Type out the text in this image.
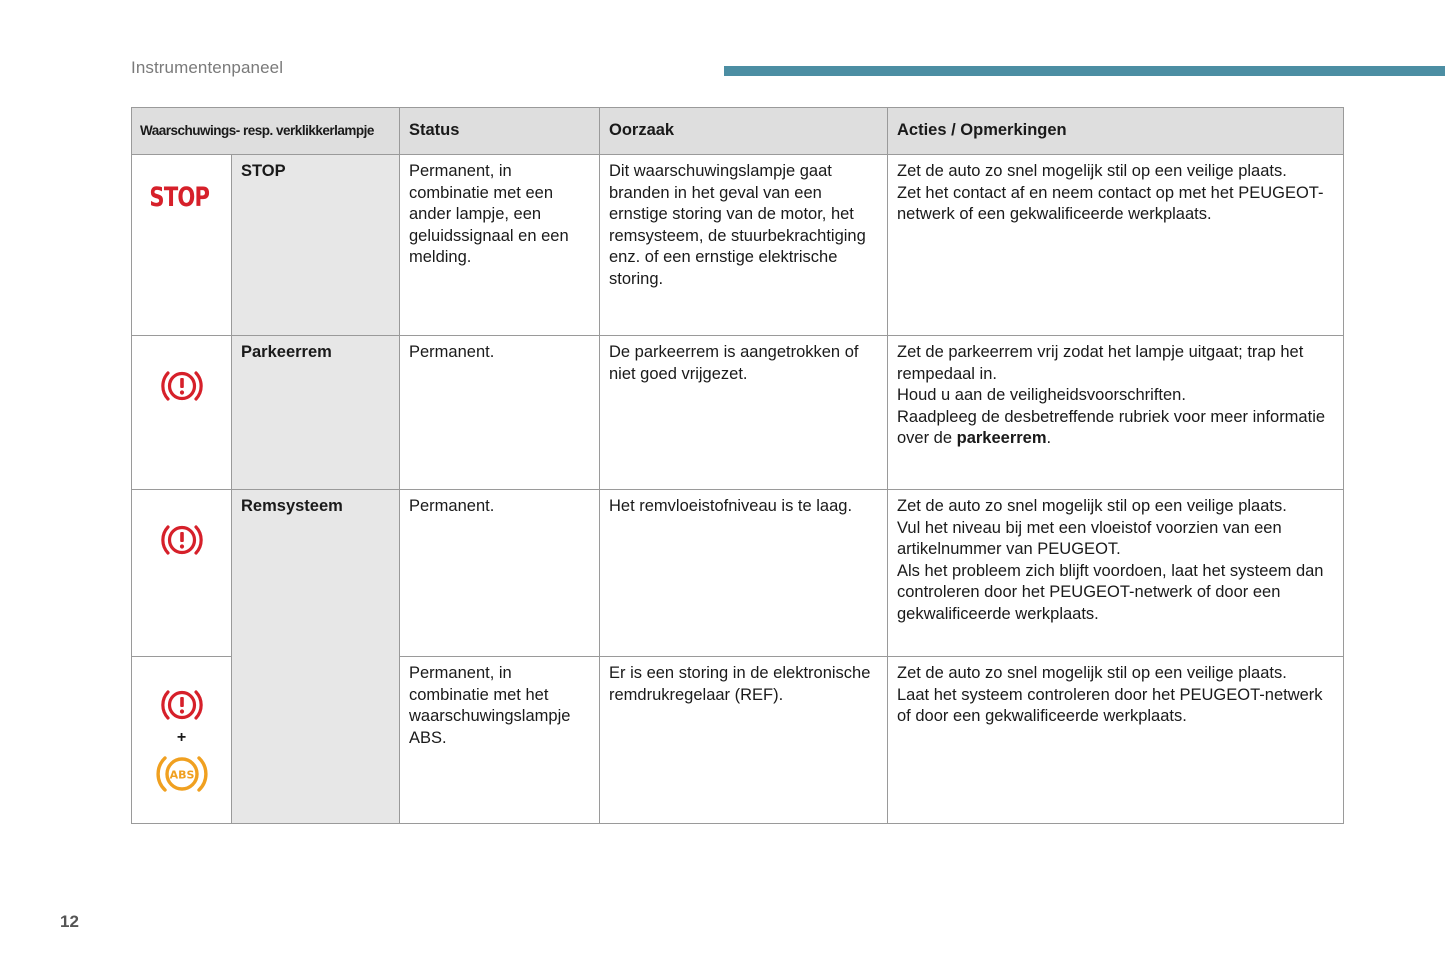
Instrumentenpaneel
Waarschuwings- resp. verklikkerlampje		Status	Oorzaak	Acties / Opmerkingen
STOP	STOP	Permanent, in combinatie met een ander lampje, een geluidssignaal en een melding.	Dit waarschuwingslampje gaat branden in het geval van een ernstige storing van de motor, het remsysteem, de stuurbekrachtiging enz. of een ernstige elektrische storing.	Zet de auto zo snel mogelijk stil op een veilige plaats.
Zet het contact af en neem contact op met het PEUGEOT-netwerk of een gekwalificeerde werkplaats.

	Parkeerrem	Permanent.	De parkeerrem is aangetrokken of niet goed vrijgezet.	Zet de parkeerrem vrij zodat het lampje uitgaat; trap het rempedaal in.
Houd u aan de veiligheidsvoorschriften.
Raadpleeg de desbetreffende rubriek voor meer informatie over de parkeerrem.

	Remsysteem	Permanent.	Het remvloeistofniveau is te laag.	Zet de auto zo snel mogelijk stil op een veilige plaats.
Vul het niveau bij met een vloeistof voorzien van een artikelnummer van PEUGEOT.
Als het probleem zich blijft voordoen, laat het systeem dan controleren door het PEUGEOT-netwerk of door een gekwalificeerde werkplaats.

+
ABS		Permanent, in combinatie met het waarschuwingslampje ABS.	Er is een storing in de elektronische remdrukregelaar (REF).	Zet de auto zo snel mogelijk stil op een veilige plaats.
Laat het systeem controleren door het PEUGEOT-netwerk of door een gekwalificeerde werkplaats.
12
